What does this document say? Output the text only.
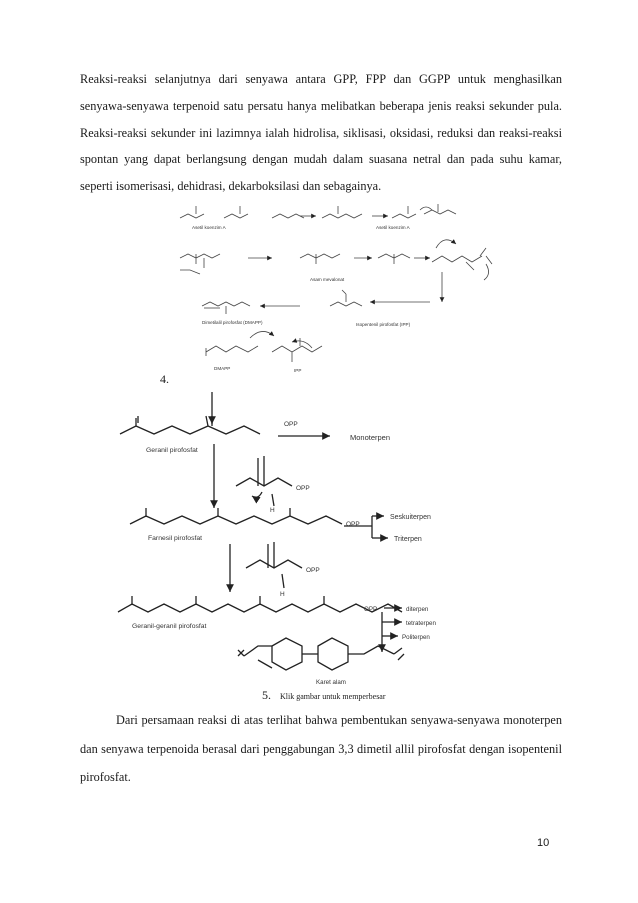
Reaksi-reaksi selanjutnya dari senyawa antara GPP, FPP dan GGPP untuk menghasilkan senyawa-senyawa terpenoid satu persatu hanya melibatkan beberapa jenis reaksi sekunder pula. Reaksi-reaksi sekunder ini lazimnya ialah hidrolisa, siklisasi, oksidasi, reduksi dan reaksi-reaksi spontan yang dapat berlangsung dengan mudah dalam suasana netral dan pada suhu kamar, seperti isomerisasi, dehidrasi, dekarboksilasi dan sebagainya.

Asetil koenzim A	Asetil koenzim A
Asam mevalonat
Dimetilalil pirofosfat (DMAPP)	Isopentenil pirofosfat (IPP)
DMAPP	IPP
OPP
Monoterpen
Geranil pirofosfat
OPP
H
Seskuiterpen
Triterpen
OPP
Farnesil pirofosfat
OPP
H
Geranil-geranil pirofosfat
OPP	diterpen
tetraterpen
Politerpen
Karet alam
4.
5. Klik gambar untuk memperbesar

Dari persamaan reaksi di atas terlihat bahwa pembentukan senyawa-senyawa monoterpen dan senyawa terpenoida berasal dari penggabungan 3,3 dimetil allil pirofosfat dengan isopentenil pirofosfat.

10
